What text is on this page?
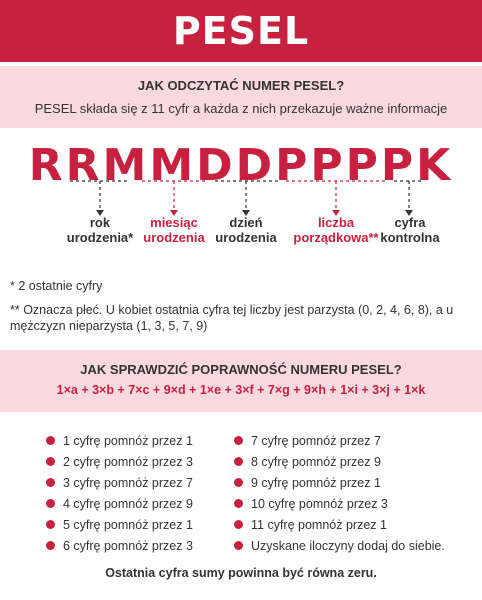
PESEL
JAK ODCZYTAĆ NUMER PESEL?
PESEL składa się z 11 cyfr a każda z nich przekazuje ważne informacje
RRMMDDPPPPK
rok
urodzenia*
miesiąc
urodzenia
dzień
urodzenia
liczba
porządkowa**
cyfra
kontrolna

* 2 ostatnie cyfry

** Oznacza płeć. U kobiet ostatnia cyfra tej liczby jest parzysta (0, 2, 4, 6, 8), a u mężczyzn nieparzysta (1, 3, 5, 7, 9)

JAK SPRAWDZIĆ POPRAWNOŚĆ NUMERU PESEL?
1×a + 3×b + 7×c + 9×d + 1×e + 3×f + 7×g + 9×h + 1×i + 3×j + 1×k
1 cyfrę pomnóż przez 1
2 cyfrę pomnóż przez 3
3 cyfrę pomnóż przez 7
4 cyfrę pomnóż przez 9
5 cyfrę pomnóż przez 1
6 cyfrę pomnóż przez 3
7 cyfrę pomnóż przez 7
8 cyfrę pomnóż przez 9
9 cyfrę pomnóż przez 1
10 cyfrę pomnóż przez 3
11 cyfrę pomnóż przez 1
Uzyskane iloczyny dodaj do siebie.
Ostatnia cyfra sumy powinna być równa zeru.
